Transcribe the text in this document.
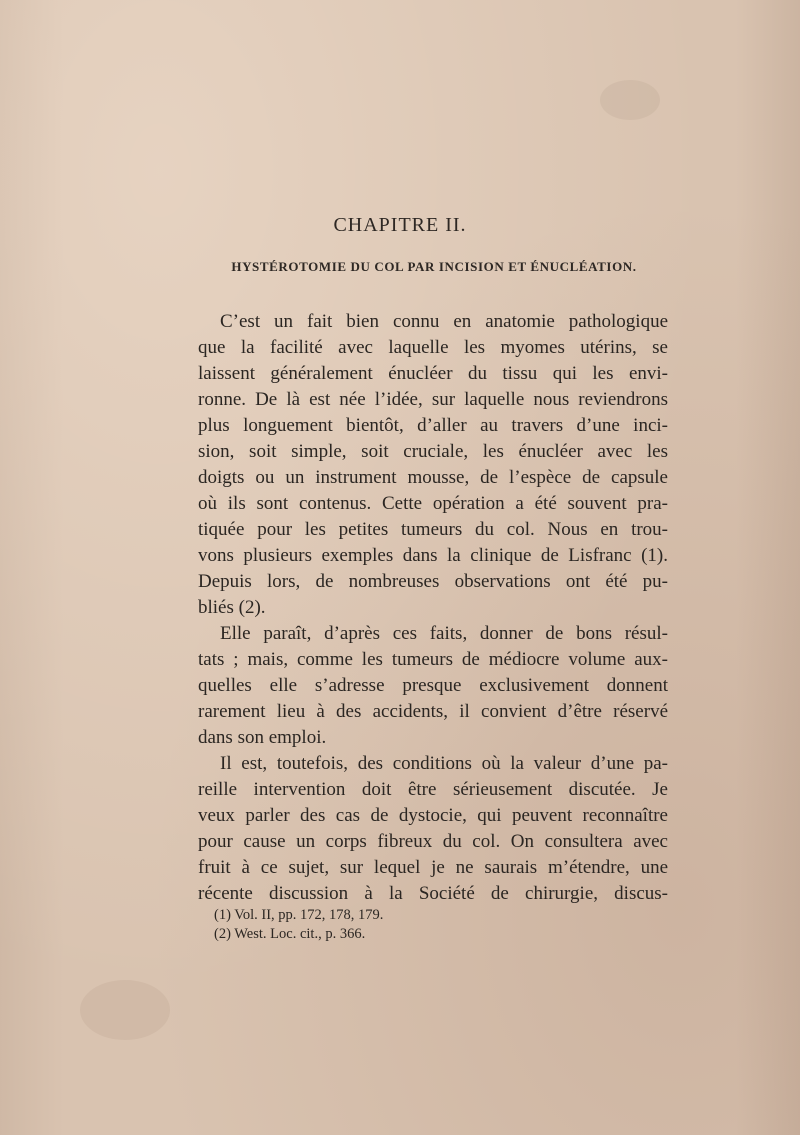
CHAPITRE II.
HYSTÉROTOMIE DU COL PAR INCISION ET ÉNUCLÉATION.
C’est un fait bien connu en anatomie pathologique
que la facilité avec laquelle les myomes utérins, se
laissent généralement énucléer du tissu qui les envi-
ronne. De là est née l’idée, sur laquelle nous reviendrons
plus longuement bientôt, d’aller au travers d’une inci-
sion, soit simple, soit cruciale, les énucléer avec les
doigts ou un instrument mousse, de l’espèce de capsule
où ils sont contenus. Cette opération a été souvent pra-
tiquée pour les petites tumeurs du col. Nous en trou-
vons plusieurs exemples dans la clinique de Lisfranc (1).
Depuis lors, de nombreuses observations ont été pu-
bliés (2).
Elle paraît, d’après ces faits, donner de bons résul-
tats ; mais, comme les tumeurs de médiocre volume aux-
quelles elle s’adresse presque exclusivement donnent
rarement lieu à des accidents, il convient d’être réservé
dans son emploi.
Il est, toutefois, des conditions où la valeur d’une pa-
reille intervention doit être sérieusement discutée. Je
veux parler des cas de dystocie, qui peuvent reconnaître
pour cause un corps fibreux du col. On consultera avec
fruit à ce sujet, sur lequel je ne saurais m’étendre, une
récente discussion à la Société de chirurgie, discus-
(1) Vol. II, pp. 172, 178, 179.
(2) West. Loc. cit., p. 366.
